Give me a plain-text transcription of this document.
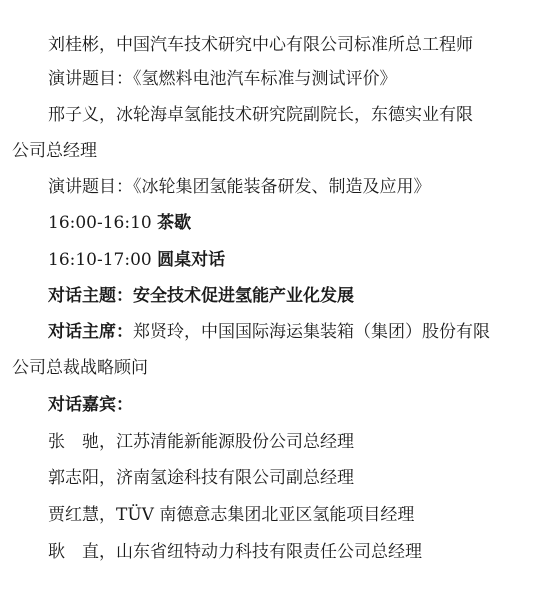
刘桂彬，中国汽车技术研究中心有限公司标准所总工程师
演讲题目：《氢燃料电池汽车标准与测试评价》
邢子义，冰轮海卓氢能技术研究院副院长，东德实业有限
公司总经理
演讲题目：《冰轮集团氢能装备研发、制造及应用》
16:00-16:10 茶歇
16:10-17:00 圆桌对话
对话主题：安全技术促进氢能产业化发展
对话主席：郑贤玲，中国国际海运集装箱（集团）股份有限
公司总裁战略顾问
对话嘉宾：
张　驰，江苏清能新能源股份公司总经理
郭志阳，济南氢途科技有限公司副总经理
贾红慧，TÜV 南德意志集团北亚区氢能项目经理
耿　直，山东省纽特动力科技有限责任公司总经理
